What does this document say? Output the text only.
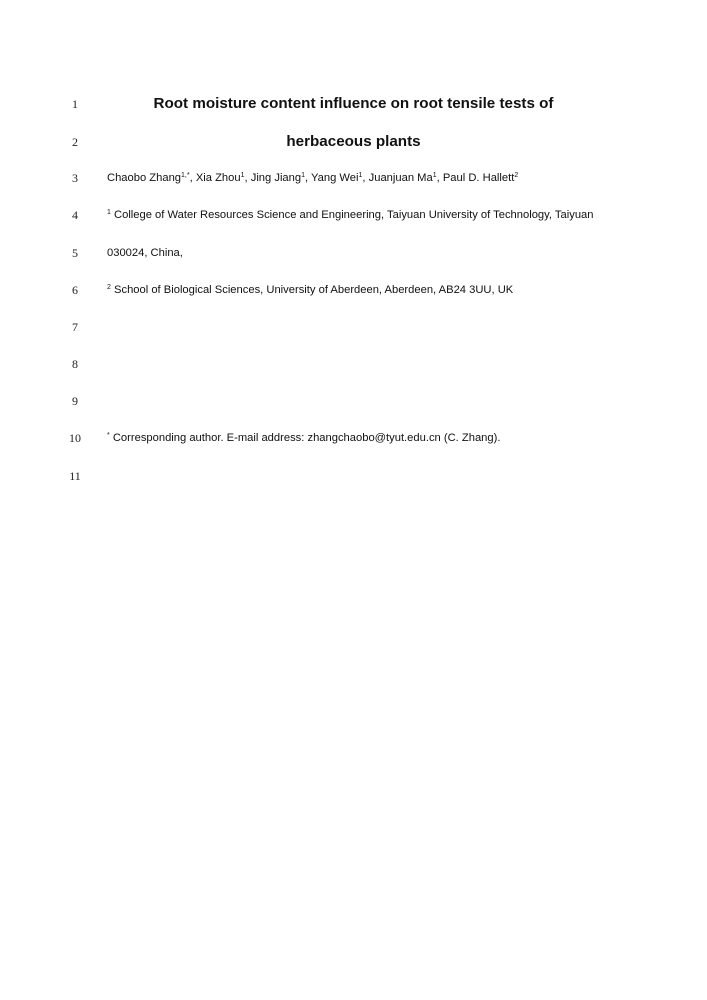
1	Root moisture content influence on root tensile tests of
2	herbaceous plants
3	Chaobo Zhang$^{1,*}$, Xia Zhou$^1$, Jing Jiang$^1$, Yang Wei$^1$, Juanjuan Ma$^1$, Paul D. Hallett$^2$
4	$^1$ College of Water Resources Science and Engineering, Taiyuan University of Technology, Taiyuan
5	030024, China,
6	$^2$ School of Biological Sciences, University of Aberdeen, Aberdeen, AB24 3UU, UK
7
8
9
10	* Corresponding author. E-mail address: zhangchaobo@tyut.edu.cn (C. Zhang).
11
